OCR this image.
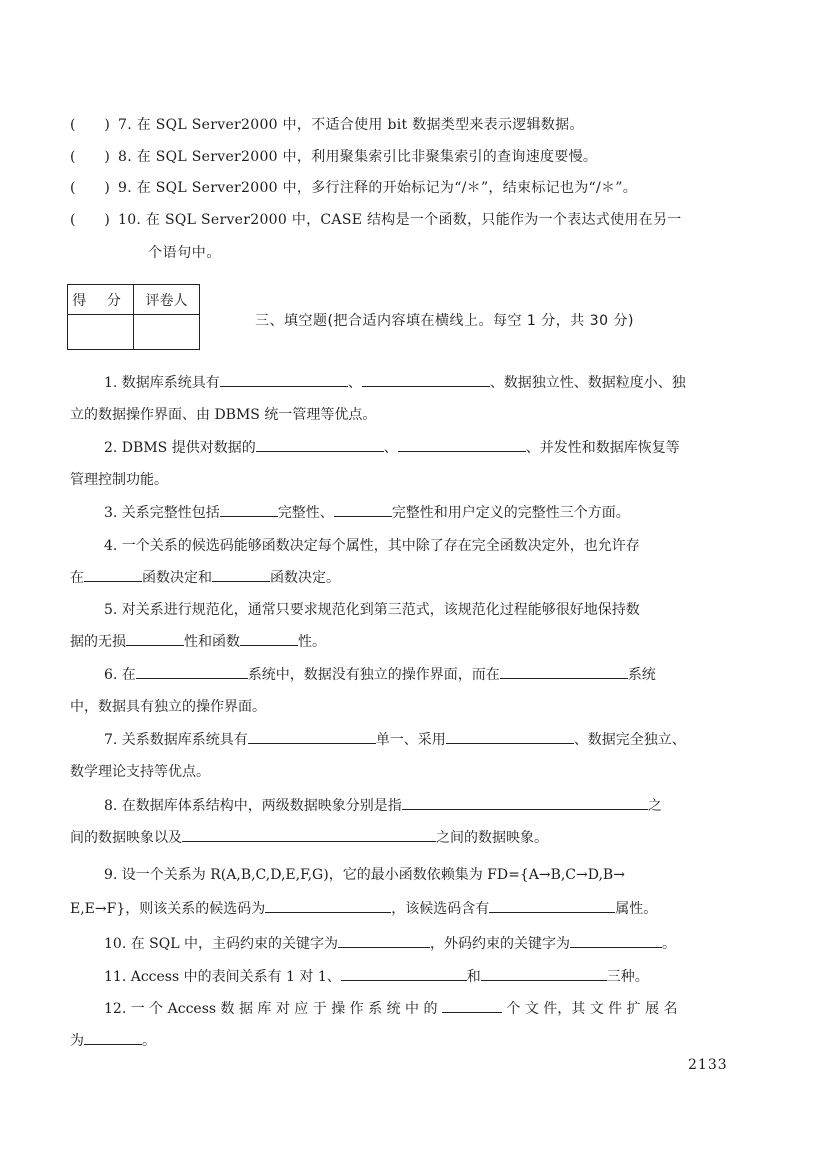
(   ) 7. 在 SQL Server2000 中，不适合使用 bit 数据类型来表示逻辑数据。
(   ) 8. 在 SQL Server2000 中，利用聚集索引比非聚集索引的查询速度要慢。
(   ) 9. 在 SQL Server2000 中，多行注释的开始标记为“/＊”，结束标记也为“/＊”。
(   ) 10. 在 SQL Server2000 中，CASE 结构是一个函数，只能作为一个表达式使用在另一
个语句中。
得 分	评卷人
三、填空题(把合适内容填在横线上。每空 1 分，共 30 分)
1. 数据库系统具有	、	、数据独立性、数据粒度小、独
立的数据操作界面、由 DBMS 统一管理等优点。
2. DBMS 提供对数据的	、	、并发性和数据库恢复等
管理控制功能。
3. 关系完整性包括	完整性、	完整性和用户定义的完整性三个方面。
4. 一个关系的候选码能够函数决定每个属性，其中除了存在完全函数决定外，也允许存
在	函数决定和	函数决定。
5. 对关系进行规范化，通常只要求规范化到第三范式，该规范化过程能够很好地保持数
据的无损	性和函数	性。
6. 在	系统中，数据没有独立的操作界面，而在	系统
中，数据具有独立的操作界面。
7. 关系数据库系统具有	单一、采用	、数据完全独立、
数学理论支持等优点。
8. 在数据库体系结构中，两级数据映象分别是指	之
间的数据映象以及	之间的数据映象。
9. 设一个关系为 R(A,B,C,D,E,F,G)，它的最小函数依赖集为 FD={A→B,C→D,B→
E,E→F}，则该关系的候选码为	，该候选码含有	属性。
10. 在 SQL 中，主码约束的关键字为	，外码约束的关键字为	。
11. Access 中的表间关系有 1 对 1、	和	三种。
12. 一 个 Access 数 据 库 对 应 于 操 作 系 统 中 的	个 文 件，其 文 件 扩 展 名
为	。
2133
